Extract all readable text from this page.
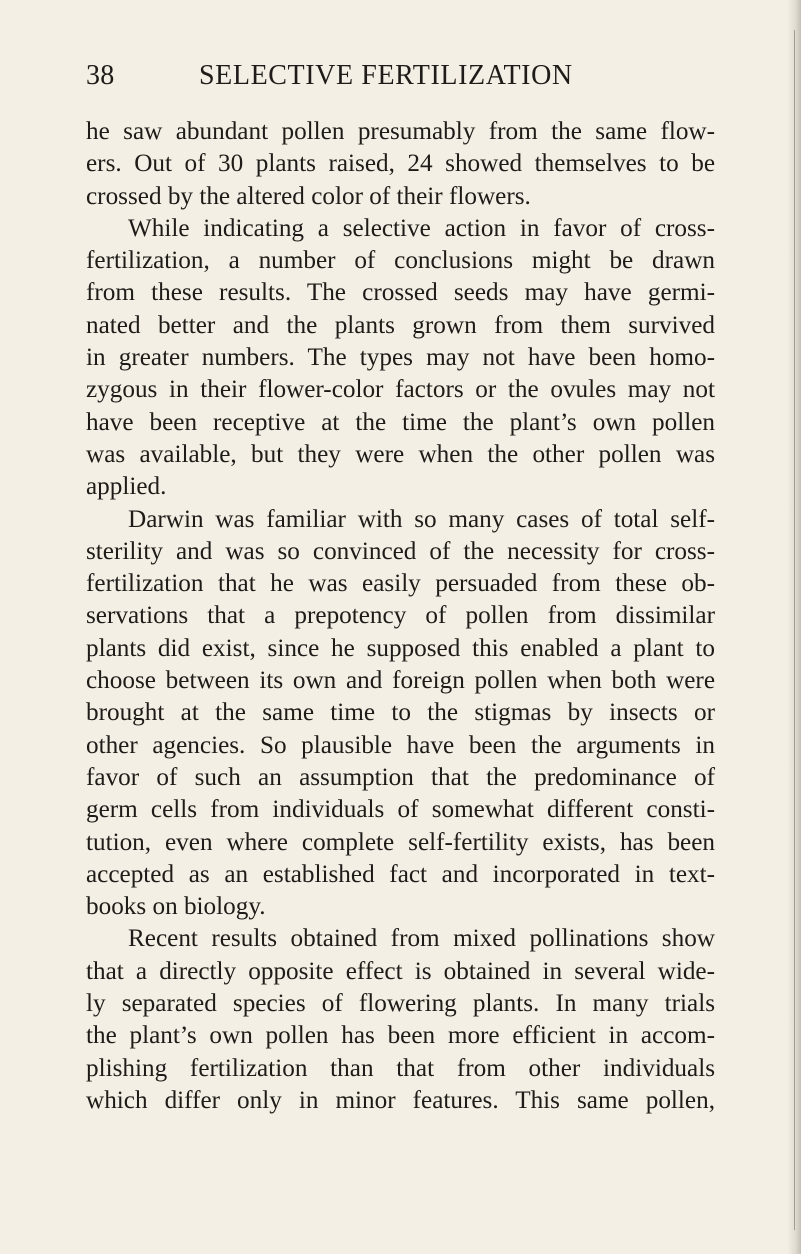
38	SELECTIVE FERTILIZATION
he saw abundant pollen presumably from the same flow-
ers. Out of 30 plants raised, 24 showed themselves to be
crossed by the altered color of their flowers.
While indicating a selective action in favor of cross-
fertilization, a number of conclusions might be drawn
from these results. The crossed seeds may have germi-
nated better and the plants grown from them survived
in greater numbers. The types may not have been homo-
zygous in their flower-color factors or the ovules may not
have been receptive at the time the plant’s own pollen
was available, but they were when the other pollen was
applied.
Darwin was familiar with so many cases of total self-
sterility and was so convinced of the necessity for cross-
fertilization that he was easily persuaded from these ob-
servations that a prepotency of pollen from dissimilar
plants did exist, since he supposed this enabled a plant to
choose between its own and foreign pollen when both were
brought at the same time to the stigmas by insects or
other agencies. So plausible have been the arguments in
favor of such an assumption that the predominance of
germ cells from individuals of somewhat different consti-
tution, even where complete self-fertility exists, has been
accepted as an established fact and incorporated in text-
books on biology.
Recent results obtained from mixed pollinations show
that a directly opposite effect is obtained in several wide-
ly separated species of flowering plants. In many trials
the plant’s own pollen has been more efficient in accom-
plishing fertilization than that from other individuals
which differ only in minor features. This same pollen,
